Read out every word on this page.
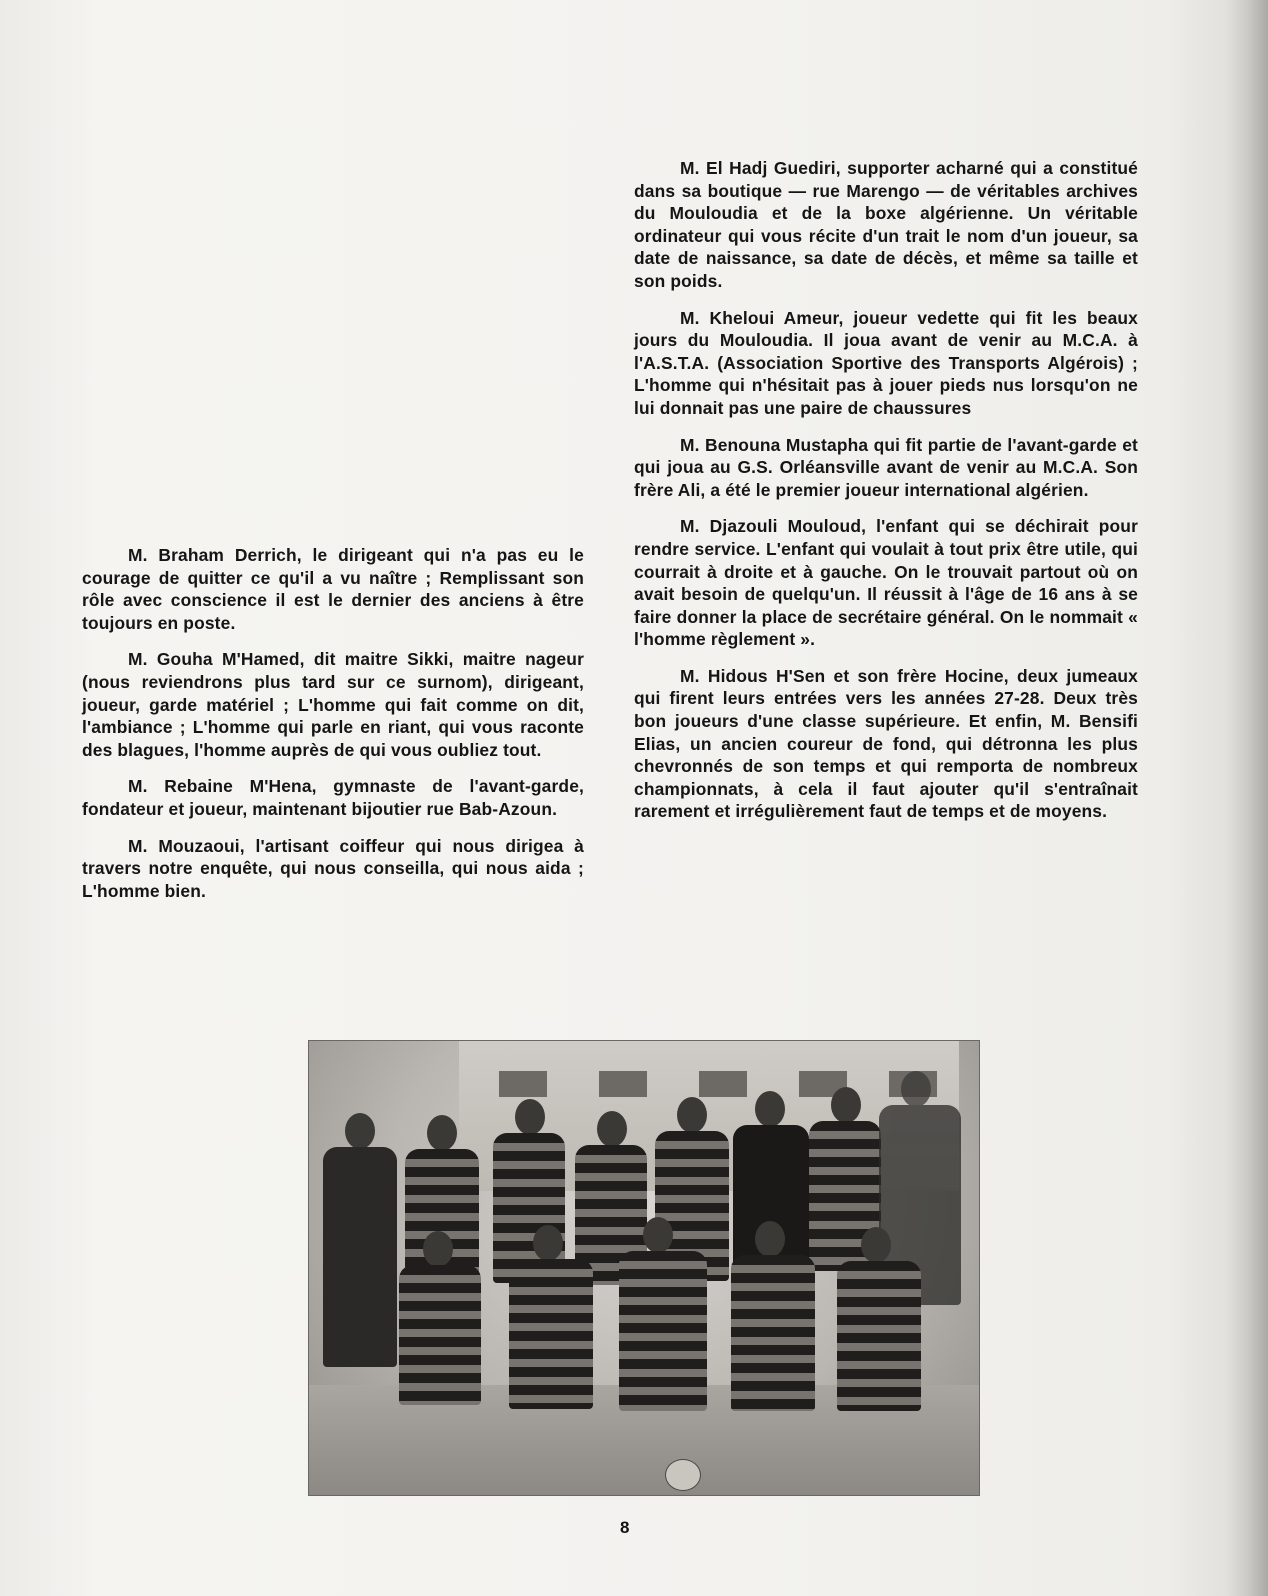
M. El Hadj Guediri, supporter acharné qui a constitué dans sa boutique — rue Marengo — de véritables archives du Mouloudia et de la boxe algérienne. Un véritable ordinateur qui vous récite d'un trait le nom d'un joueur, sa date de naissance, sa date de décès, et même sa taille et son poids.

M. Kheloui Ameur, joueur vedette qui fit les beaux jours du Mouloudia. Il joua avant de venir au M.C.A. à l'A.S.T.A. (Association Sportive des Transports Algérois) ; L'homme qui n'hésitait pas à jouer pieds nus lorsqu'on ne lui donnait pas une paire de chaussures

M. Benouna Mustapha qui fit partie de l'avant-garde et qui joua au G.S. Orléansville avant de venir au M.C.A. Son frère Ali, a été le premier joueur international algérien.

M. Djazouli Mouloud, l'enfant qui se déchirait pour rendre service. L'enfant qui voulait à tout prix être utile, qui courrait à droite et à gauche. On le trouvait partout où on avait besoin de quelqu'un. Il réussit à l'âge de 16 ans à se faire donner la place de secrétaire général. On le nommait « l'homme règlement ».

M. Hidous H'Sen et son frère Hocine, deux jumeaux qui firent leurs entrées vers les années 27-28. Deux très bon joueurs d'une classe supérieure. Et enfin, M. Bensifi Elias, un ancien coureur de fond, qui détronna les plus chevronnés de son temps et qui remporta de nombreux championnats, à cela il faut ajouter qu'il s'entraînait rarement et irrégulièrement faut de temps et de moyens.

M. Braham Derrich, le dirigeant qui n'a pas eu le courage de quitter ce qu'il a vu naître ; Remplissant son rôle avec conscience il est le dernier des anciens à être toujours en poste.

M. Gouha M'Hamed, dit maitre Sikki, maitre nageur (nous reviendrons plus tard sur ce surnom), dirigeant, joueur, garde matériel ; L'homme qui fait comme on dit, l'ambiance ; L'homme qui parle en riant, qui vous raconte des blagues, l'homme auprès de qui vous oubliez tout.

M. Rebaine M'Hena, gymnaste de l'avant-garde, fondateur et joueur, maintenant bijoutier rue Bab-Azoun.

M. Mouzaoui, l'artisant coiffeur qui nous dirigea à travers notre enquête, qui nous conseilla, qui nous aida ; L'homme bien.

8
